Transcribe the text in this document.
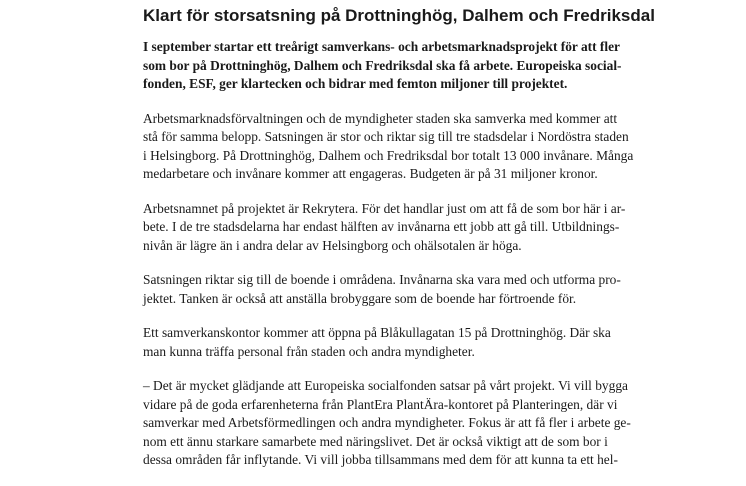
Klart för storsatsning på Drottninghög, Dalhem och Fredriksdal

I september startar ett treårigt samverkans- och arbetsmarknadsprojekt för att fler
som bor på Drottninghög, Dalhem och Fredriksdal ska få arbete. Europeiska social-
fonden, ESF, ger klartecken och bidrar med femton miljoner till projektet.

Arbetsmarknadsförvaltningen och de myndigheter staden ska samverka med kommer att
stå för samma belopp. Satsningen är stor och riktar sig till tre stadsdelar i Nordöstra staden
i Helsingborg. På Drottninghög, Dalhem och Fredriksdal bor totalt 13 000 invånare. Många
medarbetare och invånare kommer att engageras. Budgeten är på 31 miljoner kronor.

Arbetsnamnet på projektet är Rekrytera. För det handlar just om att få de som bor här i ar-
bete. I de tre stadsdelarna har endast hälften av invånarna ett jobb att gå till. Utbildnings-
nivån är lägre än i andra delar av Helsingborg och ohälsotalen är höga.

Satsningen riktar sig till de boende i områdena. Invånarna ska vara med och utforma pro-
jektet. Tanken är också att anställa brobyggare som de boende har förtroende för.

Ett samverkanskontor kommer att öppna på Blåkullagatan 15 på Drottninghög. Där ska
man kunna träffa personal från staden och andra myndigheter.

– Det är mycket glädjande att Europeiska socialfonden satsar på vårt projekt. Vi vill bygga
vidare på de goda erfarenheterna från PlantEra PlantÄra-kontoret på Planteringen, där vi
samverkar med Arbetsförmedlingen och andra myndigheter. Fokus är att få fler i arbete ge-
nom ett ännu starkare samarbete med näringslivet. Det är också viktigt att de som bor i
dessa områden får inflytande. Vi vill jobba tillsammans med dem för att kunna ta ett hel-
